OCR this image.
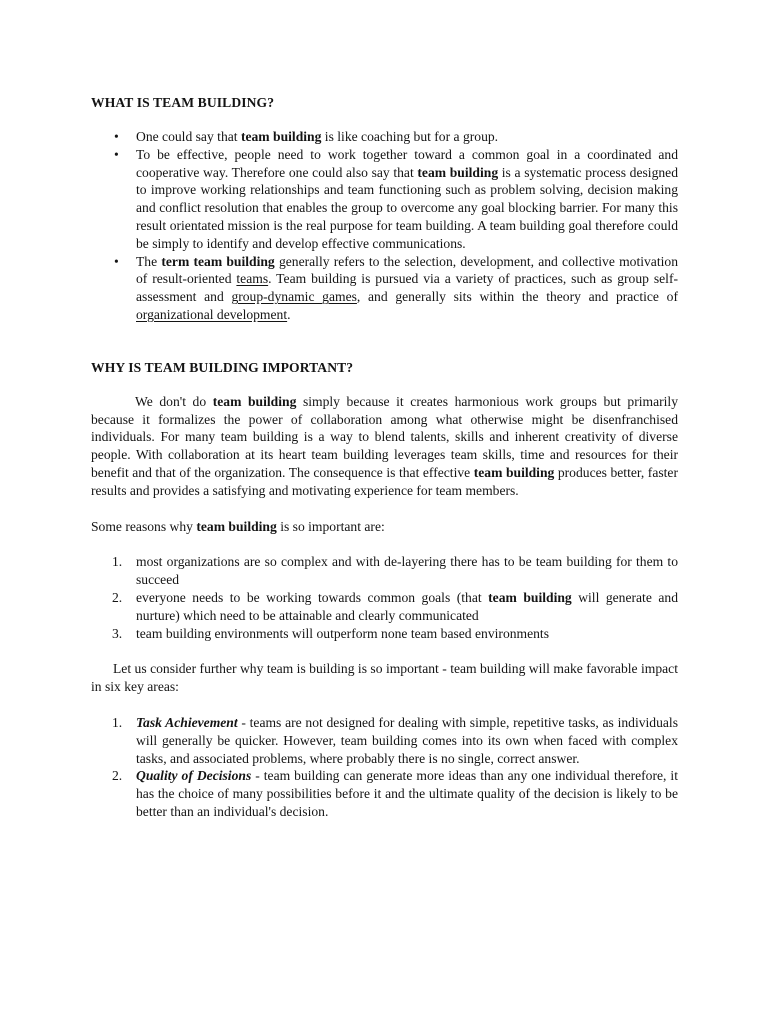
WHAT IS TEAM BUILDING?
• One could say that team building is like coaching but for a group.
• To be effective, people need to work together toward a common goal in a coordinated and cooperative way. Therefore one could also say that team building is a systematic process designed to improve working relationships and team functioning such as problem solving, decision making and conflict resolution that enables the group to overcome any goal blocking barrier. For many this result orientated mission is the real purpose for team building. A team building goal therefore could be simply to identify and develop effective communications.
• The term team building generally refers to the selection, development, and collective motivation of result-oriented teams. Team building is pursued via a variety of practices, such as group self-assessment and group-dynamic games, and generally sits within the theory and practice of organizational development.
WHY IS TEAM BUILDING IMPORTANT?

We don't do team building simply because it creates harmonious work groups but primarily because it formalizes the power of collaboration among what otherwise might be disenfranchised individuals. For many team building is a way to blend talents, skills and inherent creativity of diverse people. With collaboration at its heart team building leverages team skills, time and resources for their benefit and that of the organization. The consequence is that effective team building produces better, faster results and provides a satisfying and motivating experience for team members.

Some reasons why team building is so important are:

1. most organizations are so complex and with de-layering there has to be team building for them to succeed
2. everyone needs to be working towards common goals (that team building will generate and nurture) which need to be attainable and clearly communicated
3. team building environments will outperform none team based environments

Let us consider further why team is building is so important - team building will make favorable impact in six key areas:

1. Task Achievement - teams are not designed for dealing with simple, repetitive tasks, as individuals will generally be quicker. However, team building comes into its own when faced with complex tasks, and associated problems, where probably there is no single, correct answer.
2. Quality of Decisions - team building can generate more ideas than any one individual therefore, it has the choice of many possibilities before it and the ultimate quality of the decision is likely to be better than an individual's decision.
